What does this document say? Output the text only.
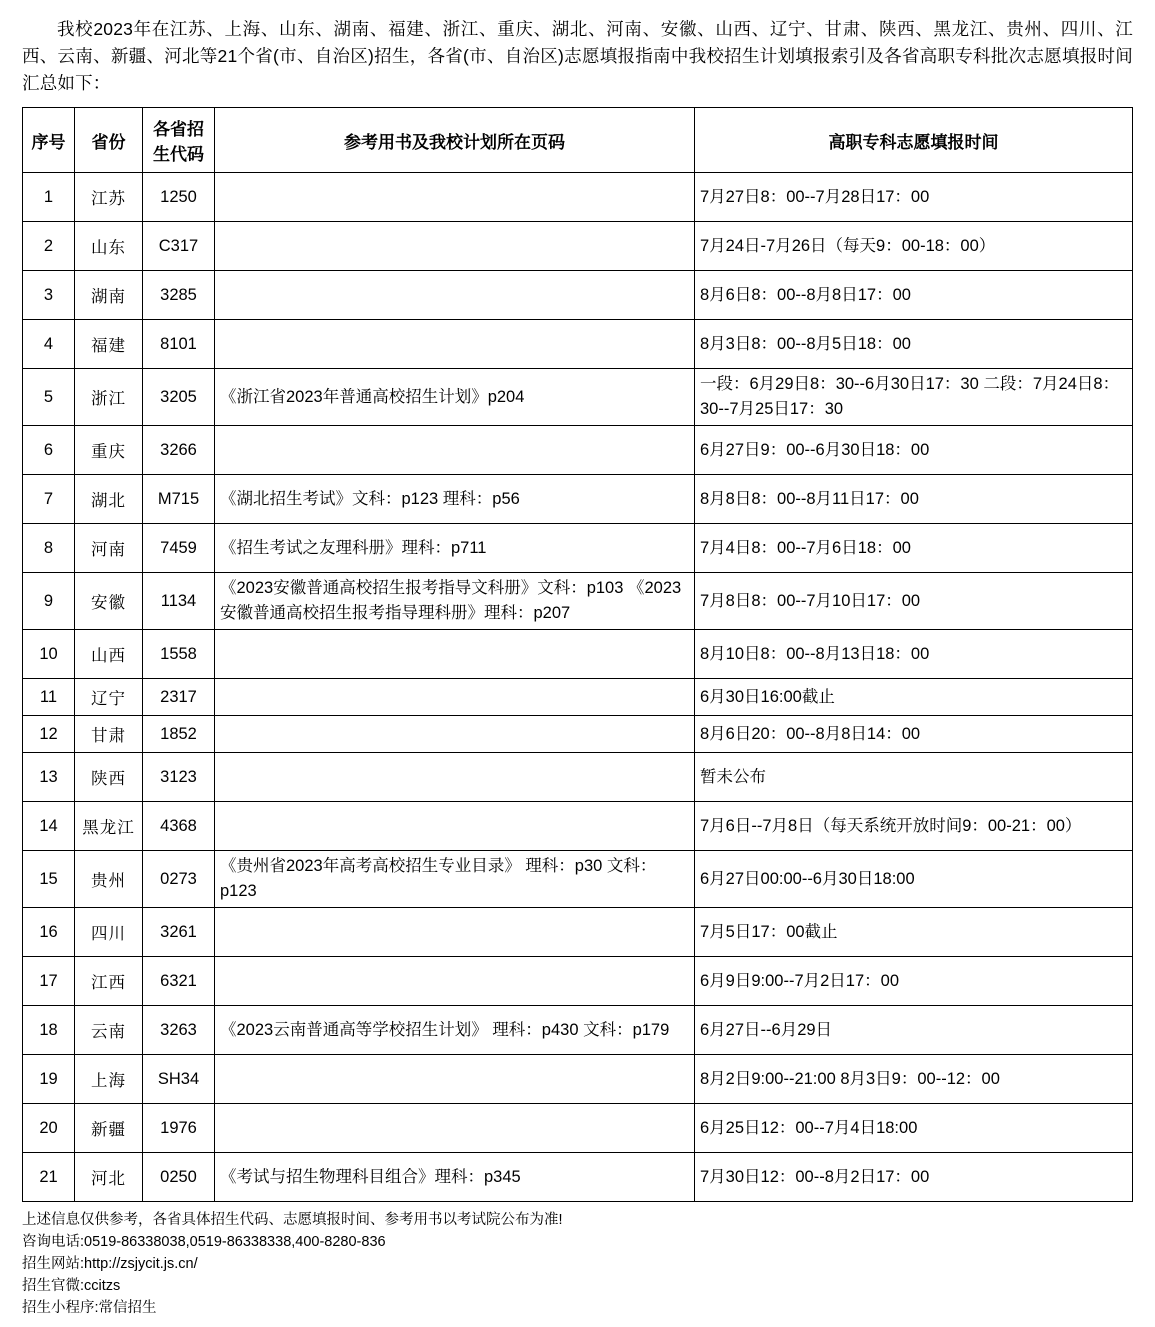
我校2023年在江苏、上海、山东、湖南、福建、浙江、重庆、湖北、河南、安徽、山西、辽宁、甘肃、陕西、黑龙江、贵州、四川、江西、云南、新疆、河北等21个省(市、自治区)招生，各省(市、自治区)志愿填报指南中我校招生计划填报索引及各省高职专科批次志愿填报时间汇总如下：

序号	省份	各省招生代码	参考用书及我校计划所在页码	高职专科志愿填报时间
1	江苏	1250		7月27日8：00--7月28日17：00
2	山东	C317		7月24日-7月26日（每天9：00-18：00）
3	湖南	3285		8月6日8：00--8月8日17：00
4	福建	8101		8月3日8：00--8月5日18：00
5	浙江	3205	《浙江省2023年普通高校招生计划》p204	一段：6月29日8：30--6月30日17：30 二段：7月24日8：30--7月25日17：30
6	重庆	3266		6月27日9：00--6月30日18：00
7	湖北	M715	《湖北招生考试》文科：p123 理科：p56	8月8日8：00--8月11日17：00
8	河南	7459	《招生考试之友理科册》理科：p711	7月4日8：00--7月6日18：00
9	安徽	1134	《2023安徽普通高校招生报考指导文科册》文科：p103 《2023安徽普通高校招生报考指导理科册》理科：p207	7月8日8：00--7月10日17：00
10	山西	1558		8月10日8：00--8月13日18：00
11	辽宁	2317		6月30日16:00截止
12	甘肃	1852		8月6日20：00--8月8日14：00
13	陕西	3123		暂未公布
14	黑龙江	4368		7月6日--7月8日（每天系统开放时间9：00-21：00）
15	贵州	0273	《贵州省2023年高考高校招生专业目录》 理科：p30 文科：p123	6月27日00:00--6月30日18:00
16	四川	3261		7月5日17：00截止
17	江西	6321		6月9日9:00--7月2日17：00
18	云南	3263	《2023云南普通高等学校招生计划》 理科：p430 文科：p179	6月27日--6月29日
19	上海	SH34		8月2日9:00--21:00 8月3日9：00--12：00
20	新疆	1976		6月25日12：00--7月4日18:00
21	河北	0250	《考试与招生物理科目组合》理科：p345	7月30日12：00--8月2日17：00
上述信息仅供参考，各省具体招生代码、志愿填报时间、参考用书以考试院公布为准!
咨询电话:0519-86338038,0519-86338338,400-8280-836
招生网站:http://zsjycit.js.cn/
招生官微:ccitzs
招生小程序:常信招生
